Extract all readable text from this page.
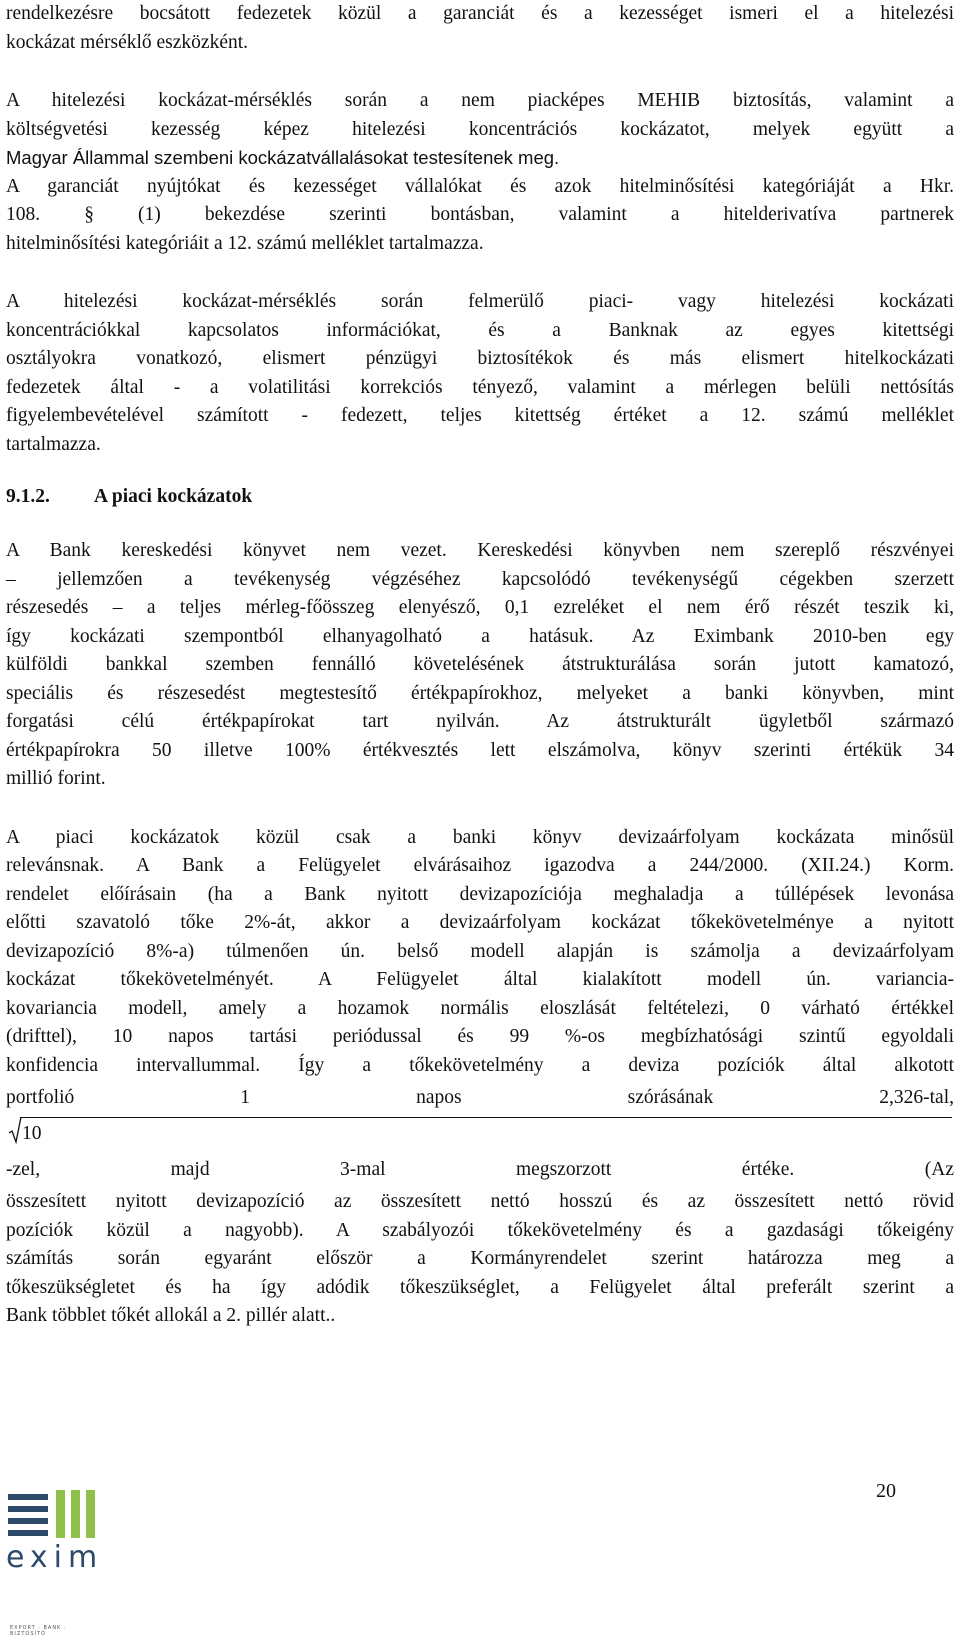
rendelkezésre bocsátott fedezetek közül a garanciát és a kezességet ismeri el a hitelezési
kockázat mérséklő eszközként.
A hitelezési kockázat-mérséklés során a nem piacképes MEHIB biztosítás, valamint a
költségvetési kezesség képez hitelezési koncentrációs kockázatot, melyek együtt a
Magyar Állammal szembeni kockázatvállalásokat testesítenek meg.
A garanciát nyújtókat és kezességet vállalókat és azok hitelminősítési kategóriáját a Hkr.
108. § (1) bekezdése szerinti bontásban, valamint a hitelderivatíva partnerek
hitelminősítési kategóriáit a 12. számú melléklet tartalmazza.
A hitelezési kockázat-mérséklés során felmerülő piaci- vagy hitelezési kockázati
koncentrációkkal kapcsolatos információkat, és a Banknak az egyes kitettségi
osztályokra vonatkozó, elismert pénzügyi biztosítékok és más elismert hitelkockázati
fedezetek által - a volatilitási korrekciós tényező, valamint a mérlegen belüli nettósítás
figyelembevételével számított - fedezett, teljes kitettség értéket a 12. számú melléklet
tartalmazza.
9.1.2.	A piaci kockázatok
A Bank kereskedési könyvet nem vezet. Kereskedési könyvben nem szereplő részvényei
– jellemzően a tevékenység végzéséhez kapcsolódó tevékenységű cégekben szerzett
részesedés – a teljes mérleg-főösszeg elenyésző, 0,1 ezreléket el nem érő részét teszik ki,
így kockázati szempontból elhanyagolható a hatásuk. Az Eximbank 2010-ben egy
külföldi bankkal szemben fennálló követelésének átstrukturálása során jutott kamatozó,
speciális és részesedést megtestesítő értékpapírokhoz, melyeket a banki könyvben, mint
forgatási célú értékpapírokat tart nyilván. Az átstrukturált ügyletből származó
értékpapírokra 50 illetve 100% értékvesztés lett elszámolva, könyv szerinti értékük 34
millió forint.
A piaci kockázatok közül csak a banki könyv devizaárfolyam kockázata minősül
relevánsnak. A Bank a Felügyelet elvárásaihoz igazodva a 244/2000. (XII.24.) Korm.
rendelet előírásain (ha a Bank nyitott devizapozíciója meghaladja a túllépések levonása
előtti szavatoló tőke 2%-át, akkor a devizaárfolyam kockázat tőkekövetelménye a nyitott
devizapozíció 8%-a) túlmenően ún. belső modell alapján is számolja a devizaárfolyam
kockázat tőkekövetelményét. A Felügyelet által kialakított modell ún. variancia-
kovariancia modell, amely a hozamok normális eloszlását feltételezi, 0 várható értékkel
(drifttel), 10 napos tartási periódussal és 99 %-os megbízhatósági szintű egyoldali
konfidencia intervallummal. Így a tőkekövetelmény a deviza pozíciók által alkotott
portfolió 1 napos szórásának 2,326-tal,
10
-zel, majd 3-mal megszorzott értéke. (Az
összesített nyitott devizapozíció az összesített nettó hosszú és az összesített nettó rövid
pozíciók közül a nagyobb). A szabályozói tőkekövetelmény és a gazdasági tőkeigény
számítás során egyaránt először a Kormányrendelet szerint határozza meg a
tőkeszükségletet és ha így adódik tőkeszükséglet, a Felügyelet által preferált szerint a
Bank többlet tőkét allokál a 2. pillér alatt..
exim
EXPORT · BANK · BIZTOSÍTÓ
20
